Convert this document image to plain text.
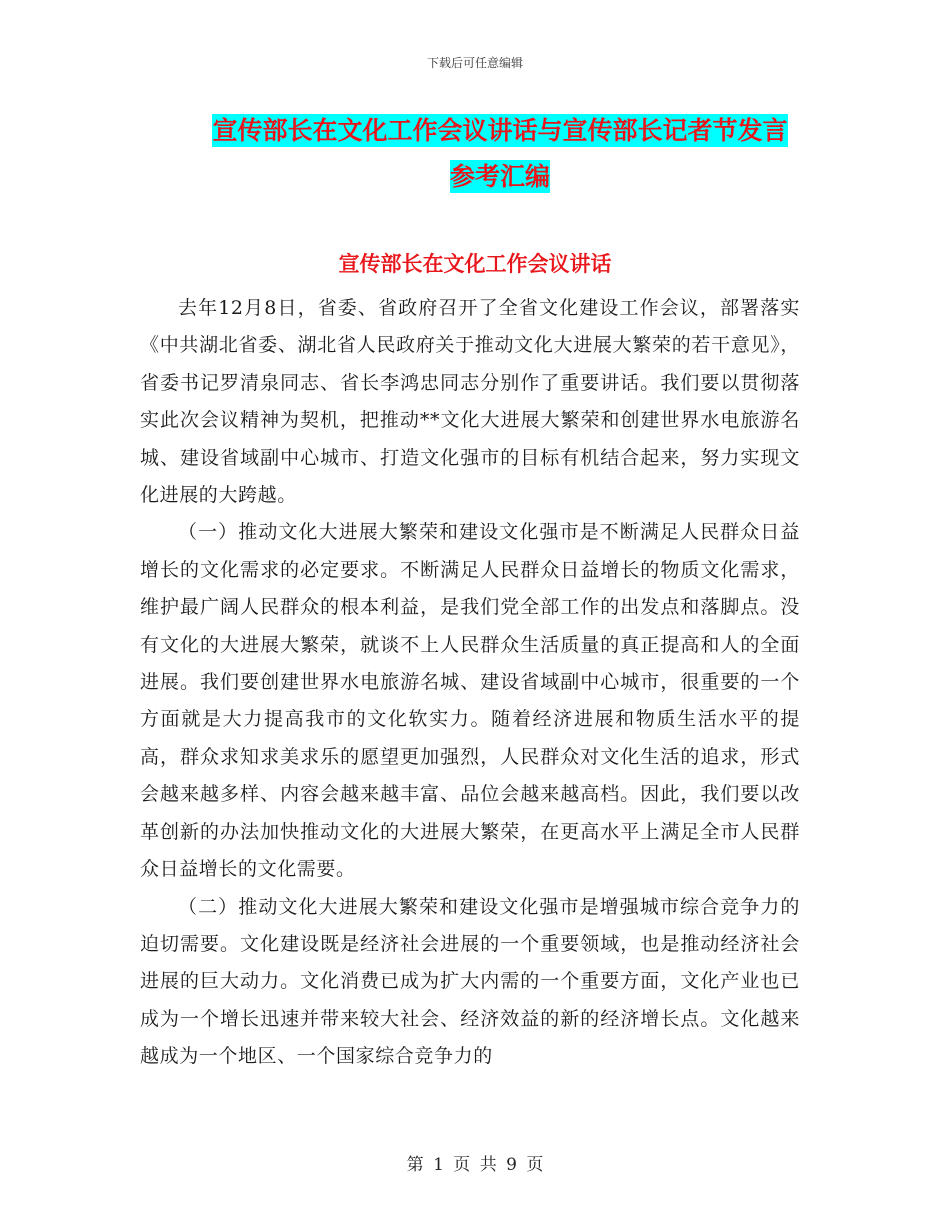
下载后可任意编辑
宣传部长在文化工作会议讲话与宣传部长记者节发言
参考汇编
宣传部长在文化工作会议讲话

去年12月8日，省委、省政府召开了全省文化建设工作会议，部署落实《中共湖北省委、湖北省人民政府关于推动文化大进展大繁荣的若干意见》，省委书记罗清泉同志、省长李鸿忠同志分别作了重要讲话。我们要以贯彻落实此次会议精神为契机，把推动**文化大进展大繁荣和创建世界水电旅游名城、建设省域副中心城市、打造文化强市的目标有机结合起来，努力实现文化进展的大跨越。

（一）推动文化大进展大繁荣和建设文化强市是不断满足人民群众日益增长的文化需求的必定要求。不断满足人民群众日益增长的物质文化需求，维护最广阔人民群众的根本利益，是我们党全部工作的出发点和落脚点。没有文化的大进展大繁荣，就谈不上人民群众生活质量的真正提高和人的全面进展。我们要创建世界水电旅游名城、建设省域副中心城市，很重要的一个方面就是大力提高我市的文化软实力。随着经济进展和物质生活水平的提高，群众求知求美求乐的愿望更加强烈，人民群众对文化生活的追求，形式会越来越多样、内容会越来越丰富、品位会越来越高档。因此，我们要以改革创新的办法加快推动文化的大进展大繁荣，在更高水平上满足全市人民群众日益增长的文化需要。

（二）推动文化大进展大繁荣和建设文化强市是增强城市综合竞争力的迫切需要。文化建设既是经济社会进展的一个重要领域，也是推动经济社会进展的巨大动力。文化消费已成为扩大内需的一个重要方面，文化产业也已成为一个增长迅速并带来较大社会、经济效益的新的经济增长点。文化越来越成为一个地区、一个国家综合竞争力的

第 1 页 共 9 页
